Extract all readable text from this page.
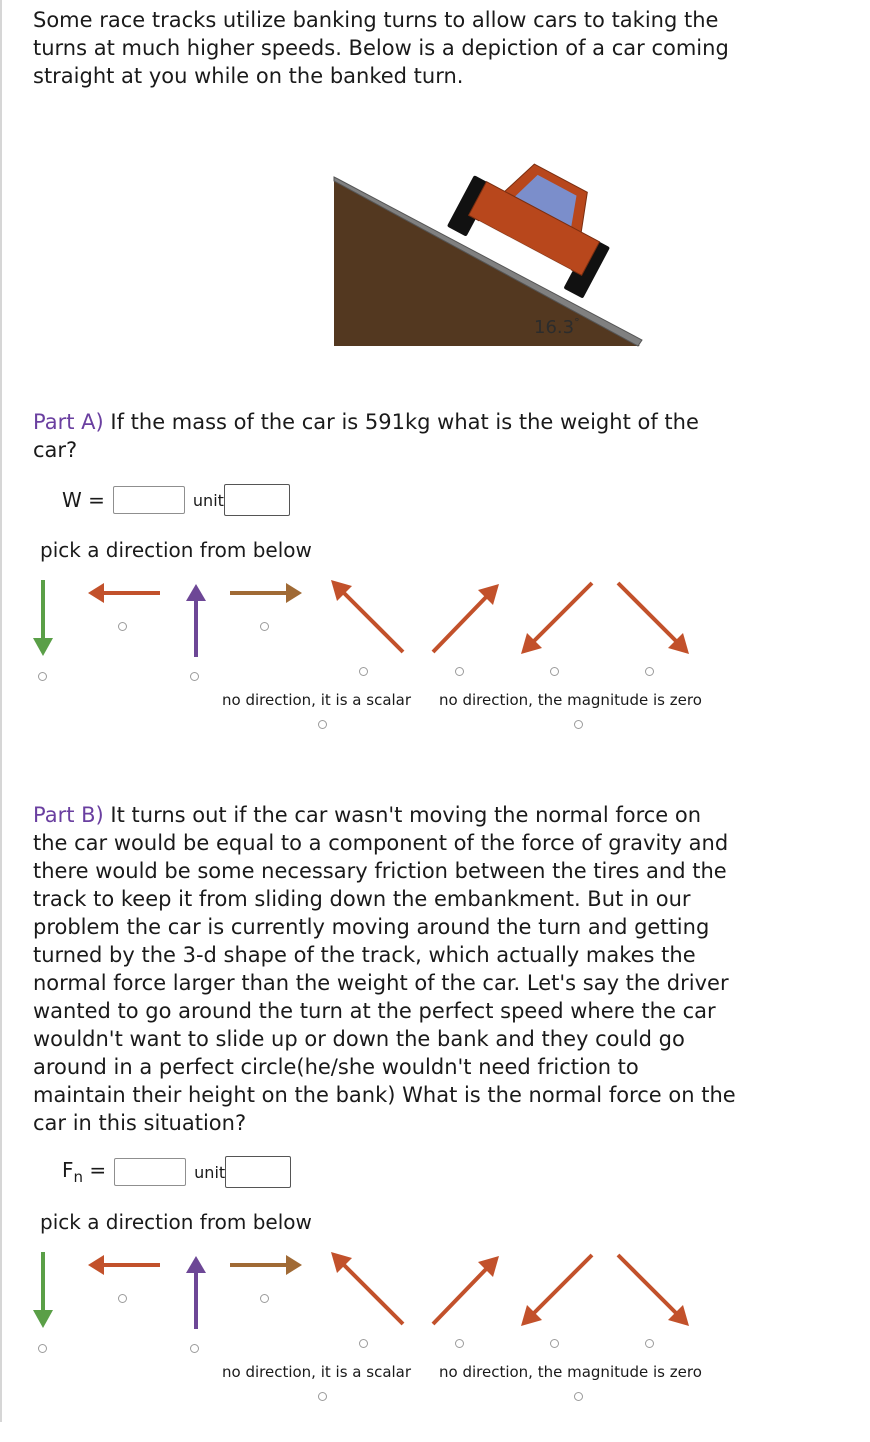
Some race tracks utilize banking turns to allow cars to taking the turns at much higher speeds. Below is a depiction of a car coming straight at you while on the banked turn.

16.3°

Part A) If the mass of the car is 591kg what is the weight of the car?

W =	unit
pick a direction from below
no direction, it is a scalar no direction, the magnitude is zero

Part B) It turns out if the car wasn't moving the normal force on the car would be equal to a component of the force of gravity and there would be some necessary friction between the tires and the track to keep it from sliding down the embankment. But in our problem the car is currently moving around the turn and getting turned by the 3-d shape of the track, which actually makes the normal force larger than the weight of the car. Let's say the driver wanted to go around the turn at the perfect speed where the car wouldn't want to slide up or down the bank and they could go around in a perfect circle(he/she wouldn't need friction to maintain their height on the bank) What is the normal force on the car in this situation?

$F_n$ =	unit
pick a direction from below
no direction, it is a scalar no direction, the magnitude is zero
